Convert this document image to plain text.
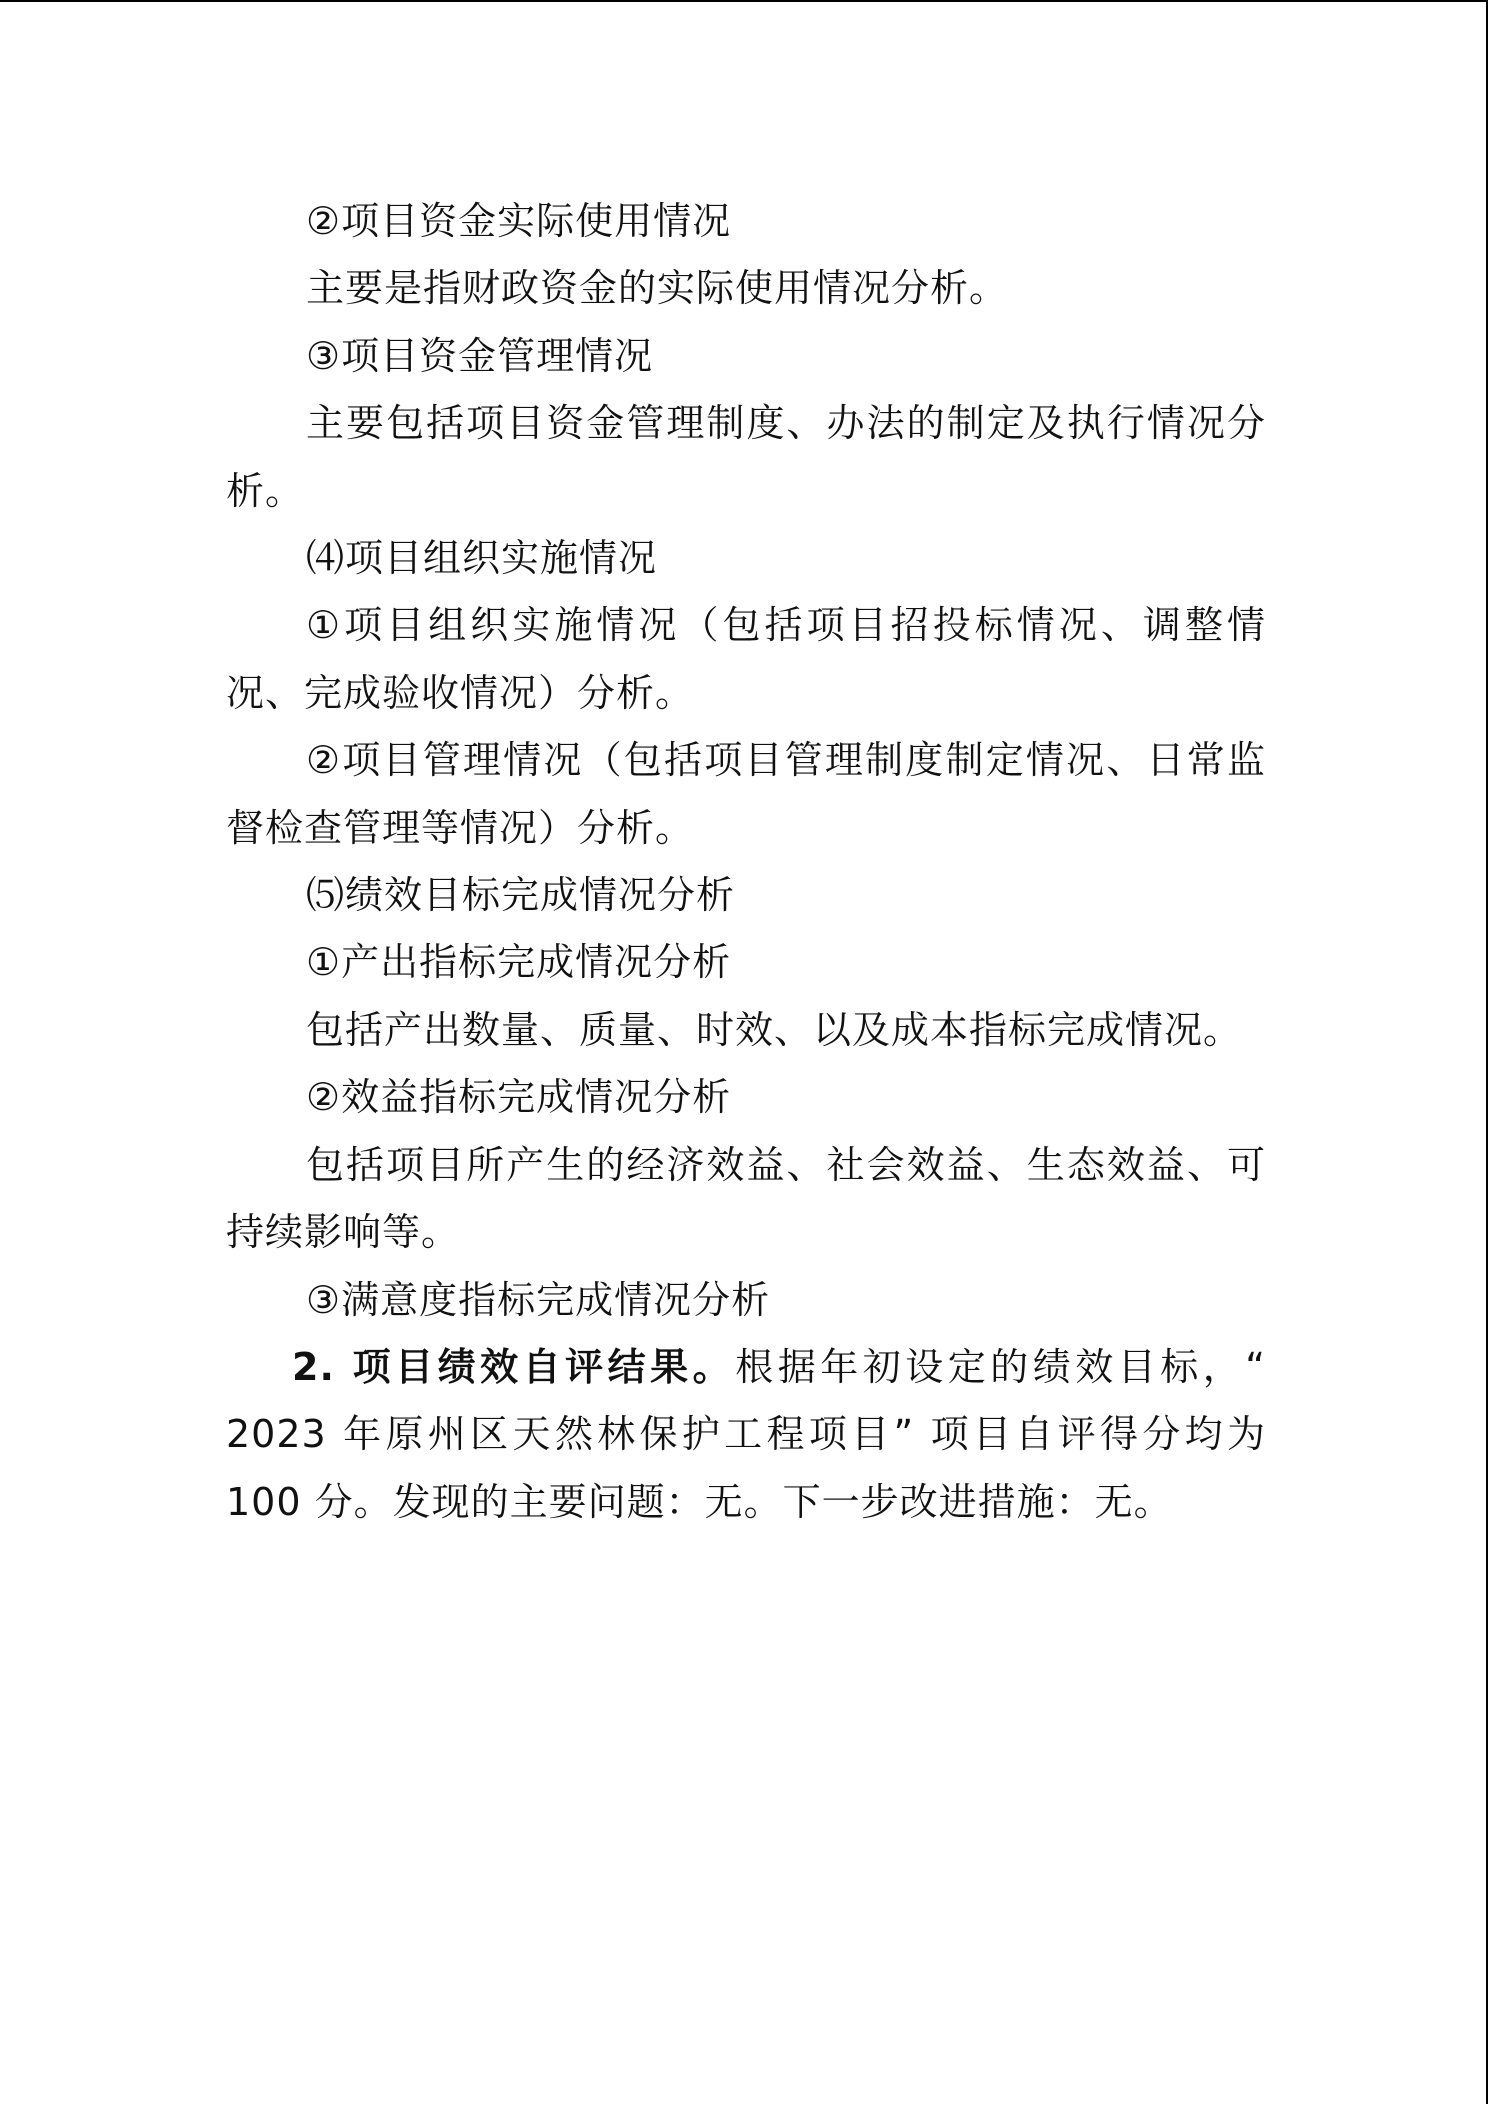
②项目资金实际使用情况

主要是指财政资金的实际使用情况分析。

③项目资金管理情况

主要包括项目资金管理制度、办法的制定及执行情况分析。

⑷项目组织实施情况

①项目组织实施情况（包括项目招投标情况、调整情况、完成验收情况）分析。

②项目管理情况（包括项目管理制度制定情况、日常监督检查管理等情况）分析。

⑸绩效目标完成情况分析

①产出指标完成情况分析

包括产出数量、质量、时效、以及成本指标完成情况。

②效益指标完成情况分析

包括项目所产生的经济效益、社会效益、生态效益、可持续影响等。

③满意度指标完成情况分析

2. 项目绩效自评结果。根据年初设定的绩效目标，“ 2023 年原州区天然林保护工程项目” 项目自评得分均为 100 分。发现的主要问题：无。下一步改进措施：无。
